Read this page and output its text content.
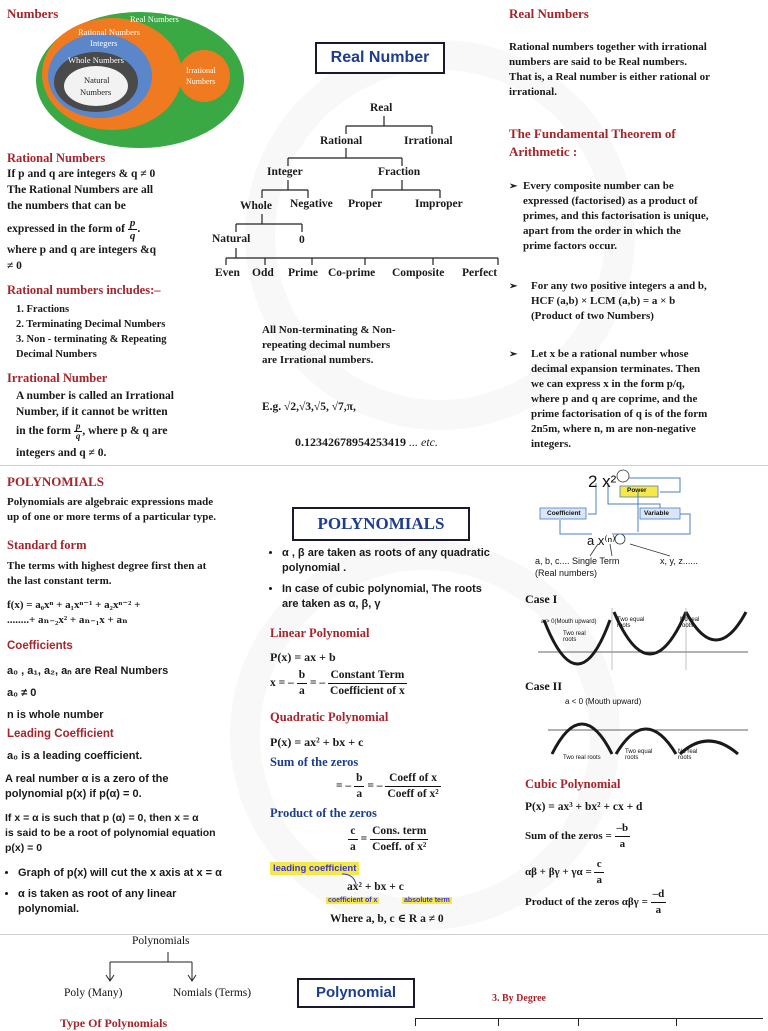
Numbers	Real Numbers
Rational Numbers
Integers
Whole Numbers
Natural
Numbers
Irrational
Numbers
Rational Numbers
If p and q are integers & q ≠ 0
The Rational Numbers are all
the numbers that can be
expressed in the form of $\frac{p}{q}$ .
where p and q are integers &q
≠ 0
Rational numbers includes:–
1. Fractions
2. Terminating Decimal Numbers
3. Non - terminating & Repeating
Decimal Numbers
Irrational Number
A number is called an Irrational
Number, if it cannot be written
in the form $\frac{p}{q}$ , where p & q are
integers and q ≠ 0.
Real Number
Real
Rational	Irrational
Integer	Fraction
Whole Negative Proper	Improper
Natural	0
Even Odd Prime Co-prime Composite Perfect
All Non-terminating & Non-
repeating decimal numbers
are Irrational numbers.
E.g. √2,√3,√5, √7,π,
0.12342678954253419 ... etc.
Real Numbers
Rational numbers together with irrational
numbers are said to be Real numbers.
That is, a Real number is either rational or
irrational.
The Fundamental Theorem of
Arithmetic :
➢ Every composite number can be
expressed (factorised) as a product of
primes, and this factorisation is unique,
apart from the order in which the
prime factors occur.
➢ For any two positive integers a and b,
HCF (a,b) × LCM (a,b) = a × b
(Product of two Numbers)
➢ Let x be a rational number whose
decimal expansion terminates. Then
we can express x in the form p/q,
where p and q are coprime, and the
prime factorisation of q is of the form
2n5m, where n, m are non-negative
integers.
POLYNOMIALS
Polynomials are algebraic expressions made
up of one or more terms of a particular type.
Standard form
The terms with highest degree first then at
the last constant term.
f(x) = a₀xⁿ + a₁xⁿ⁻¹ + a₂xⁿ⁻² +
........+ aₙ₋₂x² + aₙ₋₁x + aₙ
Coefficients
a₀ , a₁, a₂, aₙ are Real Numbers
a₀ ≠ 0
n is whole number
Leading Coefficient
a₀ is a leading coefficient.
A real number α is a zero of the
polynomial p(x) if p(α) = 0.
If x = α is such that p (α) = 0, then x = α
is said to be a root of polynomial equation
p(x) = 0
• Graph of p(x) will cut the x axis at x = α
• α is taken as root of any linear
polynomial.
POLYNOMIALS
• α , β are taken as roots of any quadratic
polynomial .
• In case of cubic polynomial, The roots
are taken as α, β, γ
Linear Polynomial
P(x) = ax + b
x = – $\frac{b}{a}$ = – $\frac{\text{Constant Term}}{\text{Coefficient of x}}$
Quadratic Polynomial
P(x) = ax² + bx + c
Sum of the zeros
= – $\frac{b}{a}$ = – $\frac{\text{Coeff of x}}{\text{Coeff of x²}}$
Product of the zeros
$\frac{c}{a} = \frac{\text{Cons. term}}{\text{Coeff. of x²}}$
leading coefficient
ax² + bx + c
coefficient of x	absolute term
Where a, b, c ∈ R a ≠ 0
2 x² Power
Coefficient	Variable
a x⁽ⁿ⁾
a, b, c.... Single Term	x, y, z......
(Real numbers)
Case I
a > 0(Mouth upward)
Two real roots
Two equal roots
No real roots
Case II
a < 0 (Mouth upward)
Two real roots
Two equal roots
No real roots
Cubic Polynomial
P(x) = ax³ + bx² + cx + d
Sum of the zeros = $\frac{-b}{a}$
$\alpha\beta + \beta\gamma + \gamma\alpha = \frac{c}{a}$
Product of the zeros $\alpha\beta\gamma = \frac{-d}{a}$
Polynomials
Poly (Many)	Nomials (Terms)	Polynomial	3. By Degree
Type Of Polynomials
